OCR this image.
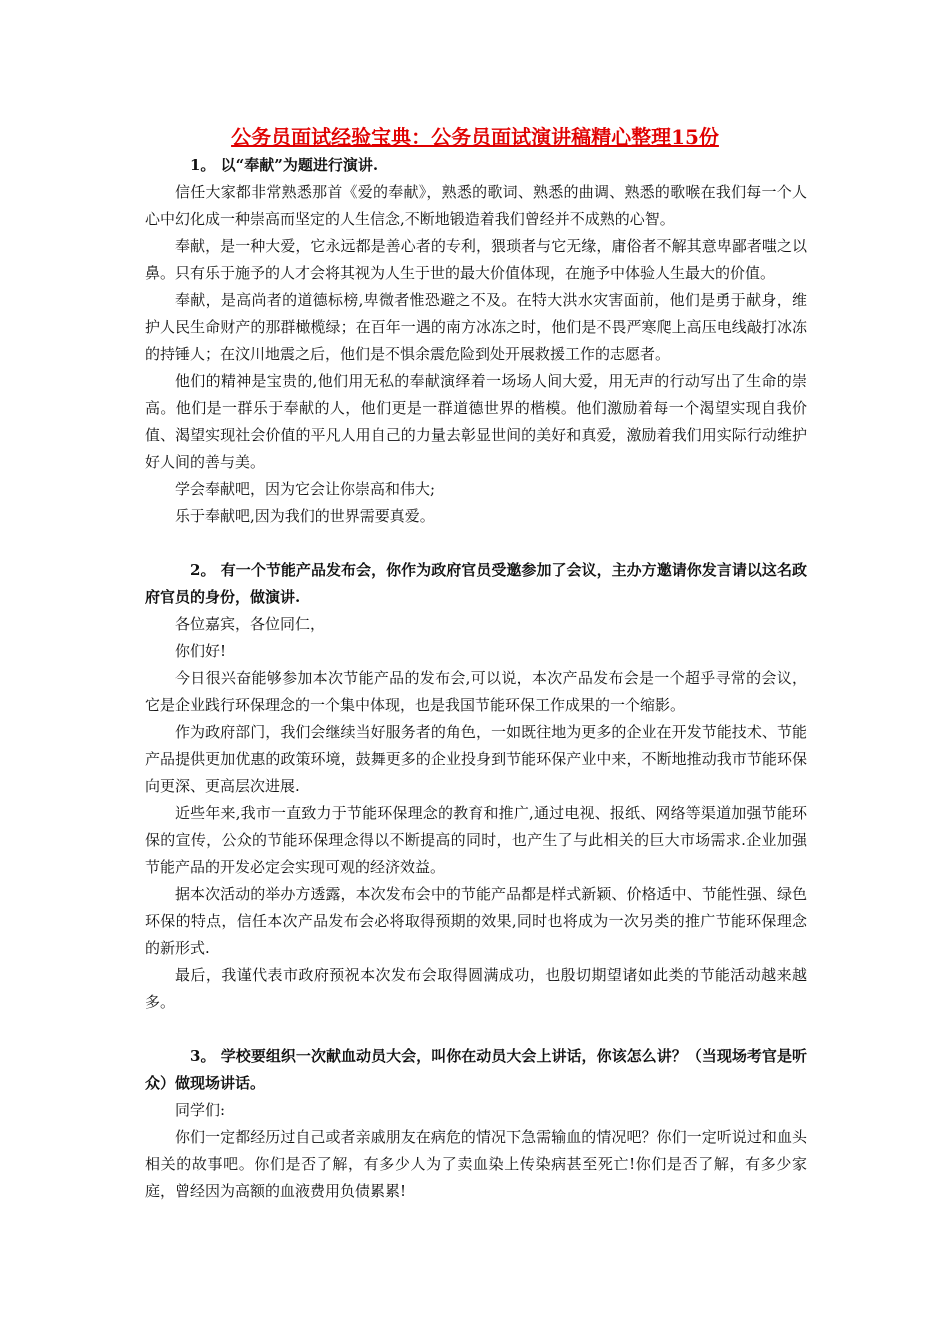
公务员面试经验宝典：公务员面试演讲稿精心整理15份

1。 以“奉献”为题进行演讲.

信任大家都非常熟悉那首《爱的奉献》，熟悉的歌词、熟悉的曲调、熟悉的歌喉在我们每一个人心中幻化成一种崇高而坚定的人生信念,不断地锻造着我们曾经并不成熟的心智。

奉献，是一种大爱，它永远都是善心者的专利，猥琐者与它无缘，庸俗者不解其意卑鄙者嗤之以鼻。只有乐于施予的人才会将其视为人生于世的最大价值体现，在施予中体验人生最大的价值。

奉献，是高尚者的道德标榜,卑微者惟恐避之不及。在特大洪水灾害面前，他们是勇于献身，维护人民生命财产的那群橄榄绿；在百年一遇的南方冰冻之时，他们是不畏严寒爬上高压电线敲打冰冻的持锤人；在汶川地震之后，他们是不惧余震危险到处开展救援工作的志愿者。

他们的精神是宝贵的,他们用无私的奉献演绎着一场场人间大爱，用无声的行动写出了生命的崇高。他们是一群乐于奉献的人，他们更是一群道德世界的楷模。他们激励着每一个渴望实现自我价值、渴望实现社会价值的平凡人用自己的力量去彰显世间的美好和真爱，激励着我们用实际行动维护好人间的善与美。

学会奉献吧，因为它会让你崇高和伟大;

乐于奉献吧,因为我们的世界需要真爱。

2。 有一个节能产品发布会，你作为政府官员受邀参加了会议，主办方邀请你发言请以这名政府官员的身份，做演讲.

各位嘉宾，各位同仁，

你们好!

今日很兴奋能够参加本次节能产品的发布会,可以说，本次产品发布会是一个超乎寻常的会议，它是企业践行环保理念的一个集中体现，也是我国节能环保工作成果的一个缩影。

作为政府部门，我们会继续当好服务者的角色，一如既往地为更多的企业在开发节能技术、节能产品提供更加优惠的政策环境，鼓舞更多的企业投身到节能环保产业中来，不断地推动我市节能环保向更深、更高层次进展.

近些年来,我市一直致力于节能环保理念的教育和推广,通过电视、报纸、网络等渠道加强节能环保的宣传，公众的节能环保理念得以不断提高的同时，也产生了与此相关的巨大市场需求.企业加强节能产品的开发必定会实现可观的经济效益。

据本次活动的举办方透露，本次发布会中的节能产品都是样式新颖、价格适中、节能性强、绿色环保的特点，信任本次产品发布会必将取得预期的效果,同时也将成为一次另类的推广节能环保理念的新形式.

最后，我谨代表市政府预祝本次发布会取得圆满成功，也殷切期望诸如此类的节能活动越来越多。

3。 学校要组织一次献血动员大会，叫你在动员大会上讲话，你该怎么讲？（当现场考官是听众）做现场讲话。

同学们:

你们一定都经历过自己或者亲戚朋友在病危的情况下急需输血的情况吧？你们一定听说过和血头相关的故事吧。你们是否了解，有多少人为了卖血染上传染病甚至死亡!你们是否了解，有多少家庭，曾经因为高额的血液费用负债累累!
